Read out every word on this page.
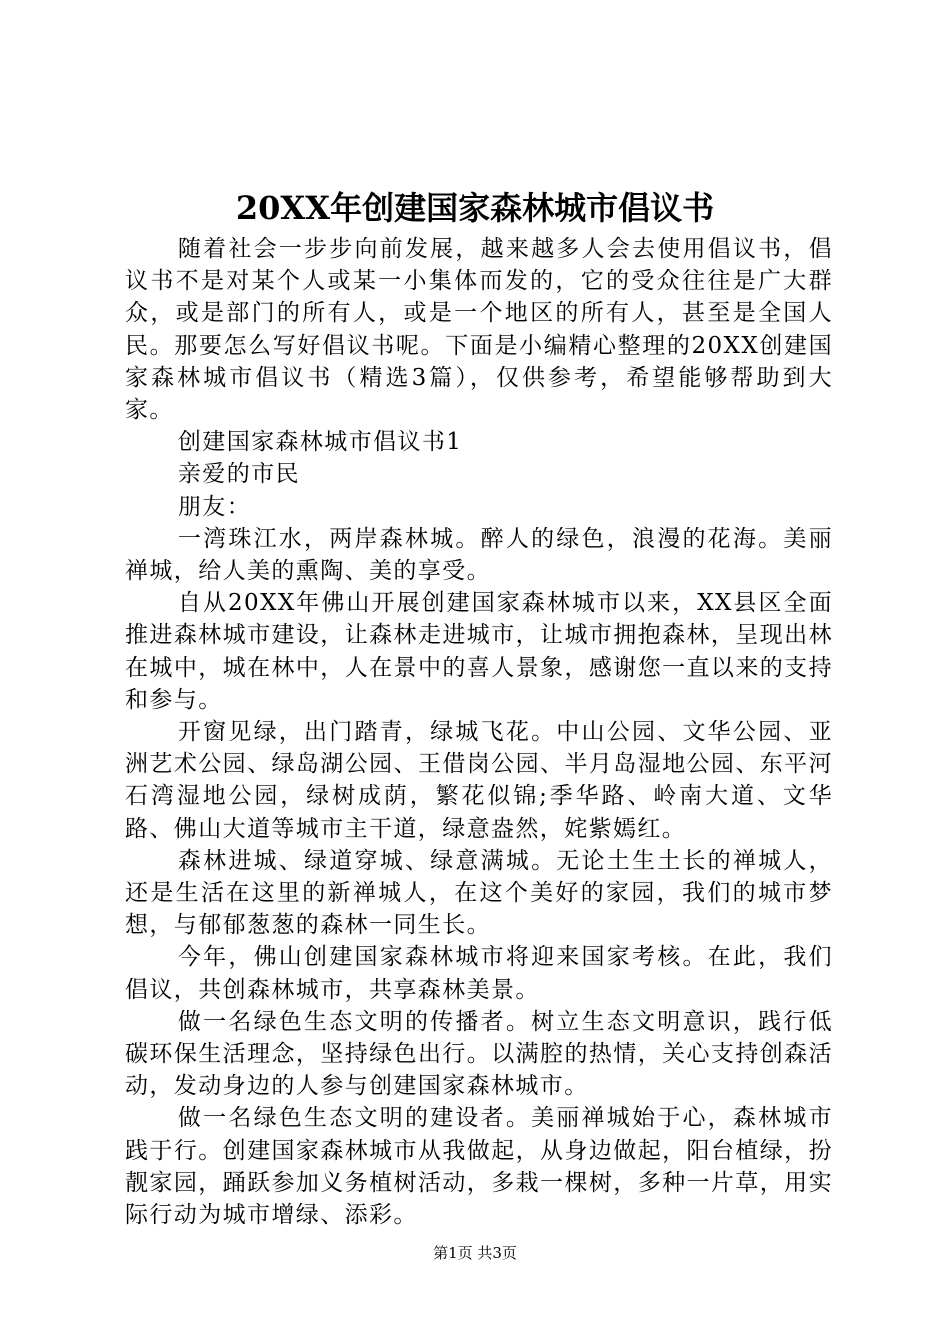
20XX年创建国家森林城市倡议书

随着社会一步步向前发展，越来越多人会去使用倡议书，倡议书不是对某个人或某一小集体而发的，它的受众往往是广大群众，或是部门的所有人，或是一个地区的所有人，甚至是全国人民。那要怎么写好倡议书呢。下面是小编精心整理的20XX创建国家森林城市倡议书（精选3篇），仅供参考，希望能够帮助到大家。

创建国家森林城市倡议书1

亲爱的市民

朋友：

一湾珠江水，两岸森林城。醉人的绿色，浪漫的花海。美丽禅城，给人美的熏陶、美的享受。

自从20XX年佛山开展创建国家森林城市以来，XX县区全面推进森林城市建设，让森林走进城市，让城市拥抱森林，呈现出林在城中，城在林中，人在景中的喜人景象，感谢您一直以来的支持和参与。

开窗见绿，出门踏青，绿城飞花。中山公园、文华公园、亚洲艺术公园、绿岛湖公园、王借岗公园、半月岛湿地公园、东平河石湾湿地公园，绿树成荫，繁花似锦;季华路、岭南大道、文华路、佛山大道等城市主干道，绿意盎然，姹紫嫣红。

森林进城、绿道穿城、绿意满城。无论土生土长的禅城人，还是生活在这里的新禅城人，在这个美好的家园，我们的城市梦想，与郁郁葱葱的森林一同生长。

今年，佛山创建国家森林城市将迎来国家考核。在此，我们倡议，共创森林城市，共享森林美景。

做一名绿色生态文明的传播者。树立生态文明意识，践行低碳环保生活理念，坚持绿色出行。以满腔的热情，关心支持创森活动，发动身边的人参与创建国家森林城市。

做一名绿色生态文明的建设者。美丽禅城始于心，森林城市践于行。创建国家森林城市从我做起，从身边做起，阳台植绿，扮靓家园，踊跃参加义务植树活动，多栽一棵树，多种一片草，用实际行动为城市增绿、添彩。

第1页 共3页
